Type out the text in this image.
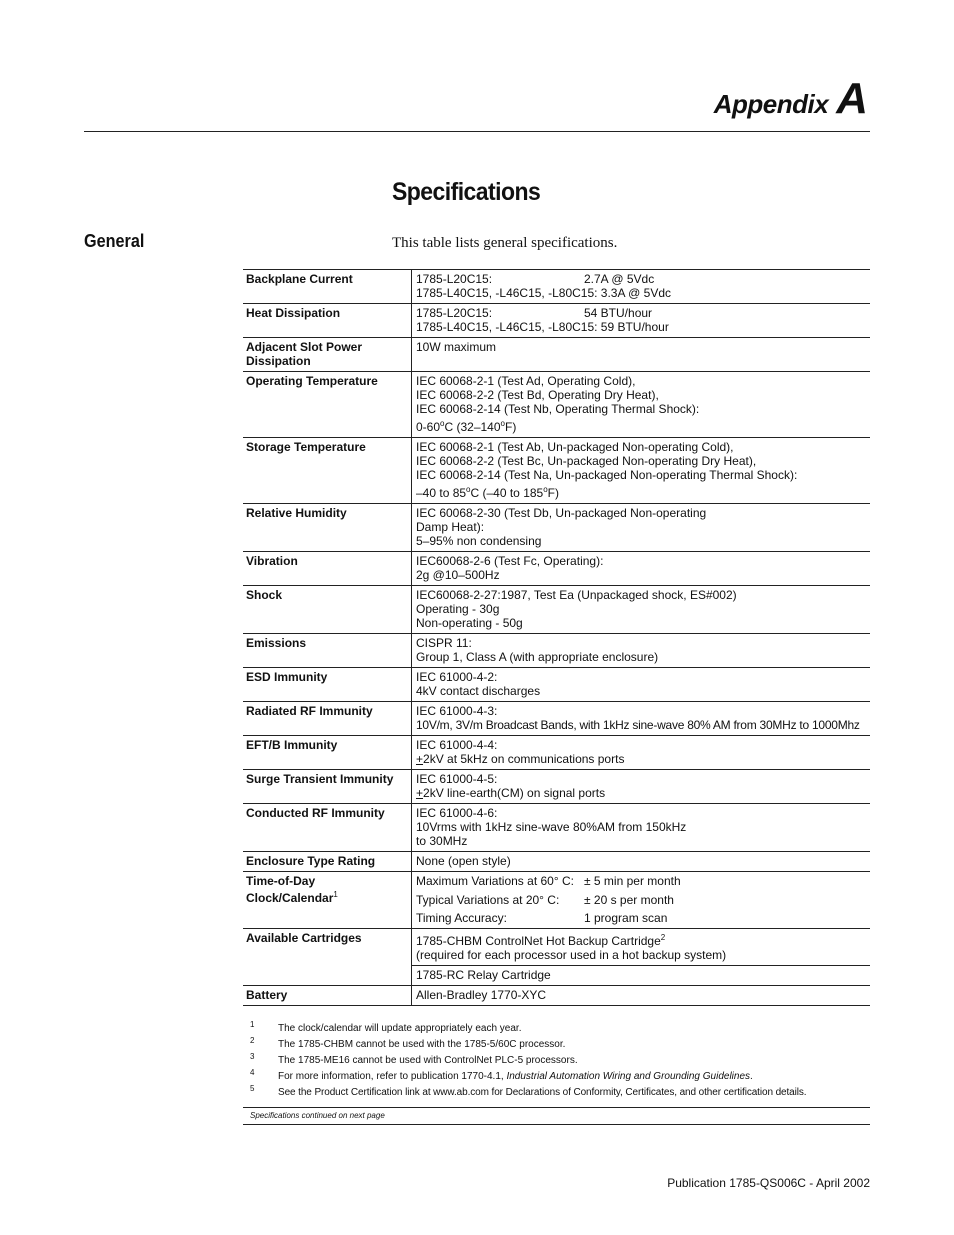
Appendix A
Specifications
General	This table lists general specifications.

Backplane Current	1785-L20C15: 2.7A @ 5Vdc
1785-L40C15, -L46C15, -L80C15: 3.3A @ 5Vdc

Heat Dissipation	1785-L20C15: 54 BTU/hour
1785-L40C15, -L46C15, -L80C15: 59 BTU/hour

Adjacent Slot Power Dissipation	10W maximum

Operating Temperature	IEC 60068-2-1 (Test Ad, Operating Cold),
IEC 60068-2-2 (Test Bd, Operating Dry Heat),
IEC 60068-2-14 (Test Nb, Operating Thermal Shock):
0-60$^o$C (32–140$^o$F)

Storage Temperature	IEC 60068-2-1 (Test Ab, Un-packaged Non-operating Cold),
IEC 60068-2-2 (Test Bc, Un-packaged Non-operating Dry Heat),
IEC 60068-2-14 (Test Na, Un-packaged Non-operating Thermal Shock):
–40 to 85$^o$C (–40 to 185$^o$F)

Relative Humidity	IEC 60068-2-30 (Test Db, Un-packaged Non-operating
Damp Heat):
5–95% non condensing

Vibration	IEC60068-2-6 (Test Fc, Operating):
2g @10–500Hz

Shock	IEC60068-2-27:1987, Test Ea (Unpackaged shock, ES#002)
Operating - 30g
Non-operating - 50g

Emissions	CISPR 11:
Group 1, Class A (with appropriate enclosure)

ESD Immunity	IEC 61000-4-2:
4kV contact discharges

Radiated RF Immunity	IEC 61000-4-3:
10V/m, 3V/m Broadcast Bands, with 1kHz sine-wave 80% AM from 30MHz to 1000Mhz

EFT/B Immunity	IEC 61000-4-4:
+2kV at 5kHz on communications ports

Surge Transient Immunity	IEC 61000-4-5:
+2kV line-earth(CM) on signal ports

Conducted RF Immunity	IEC 61000-4-6:
10Vrms with 1kHz sine-wave 80%AM from 150kHz
to 30MHz

Enclosure Type Rating	None (open style)

Time-of-Day
Clock/Calendar$^1$	Maximum Variations at 60° C: ± 5 min per month
Typical Variations at 20° C: ± 20 s per month
Timing Accuracy: 1 program scan

Available Cartridges	1785-CHBM ControlNet Hot Backup Cartridge$^2$
(required for each processor used in a hot backup system)

	1785-RC Relay Cartridge

Battery	Allen-Bradley 1770-XYC
1	The clock/calendar will update appropriately each year.
2	The 1785-CHBM cannot be used with the 1785-5/60C processor.
3	The 1785-ME16 cannot be used with ControlNet PLC-5 processors.
4	For more information, refer to publication 1770-4.1, Industrial Automation Wiring and Grounding Guidelines.
5	See the Product Certification link at www.ab.com for Declarations of Conformity, Certificates, and other certification details.
Specifications continued on next page
Publication 1785-QS006C - April 2002
